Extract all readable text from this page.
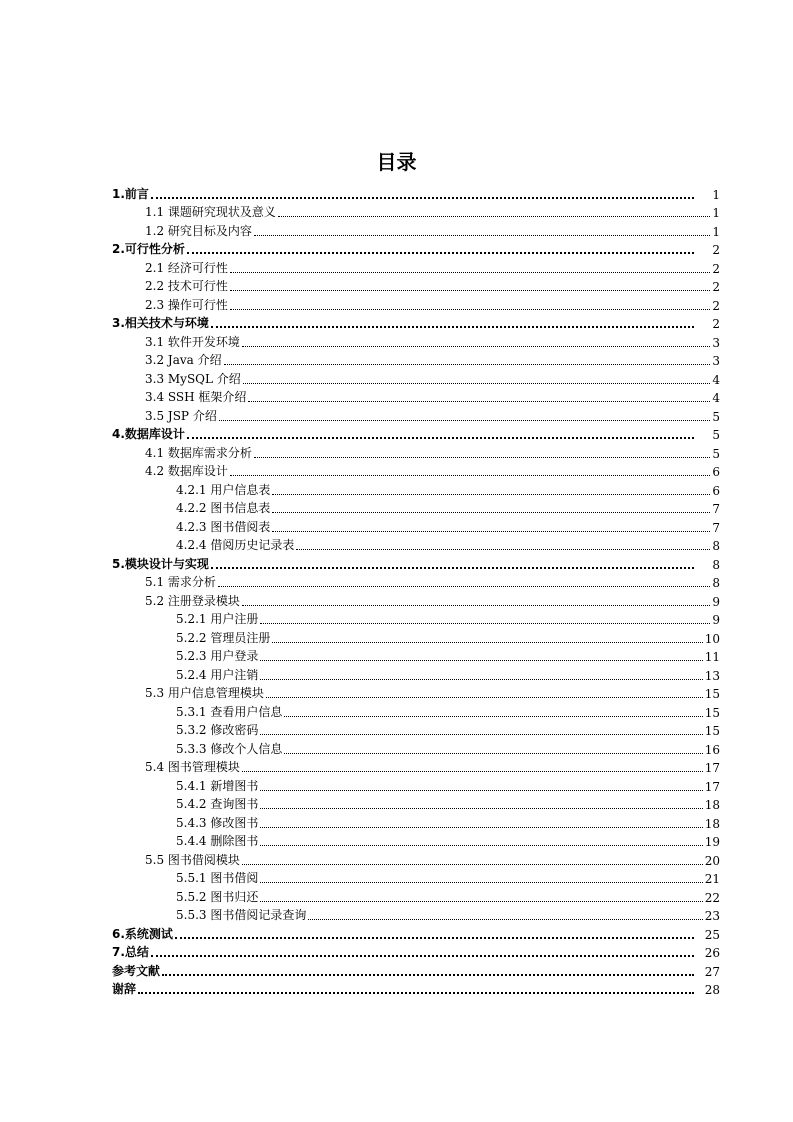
目录
1.前言	1
1.1 课题研究现状及意义	1
1.2 研究目标及内容	1
2.可行性分析	2
2.1 经济可行性	2
2.2 技术可行性	2
2.3 操作可行性	2
3.相关技术与环境	2
3.1 软件开发环境	3
3.2 Java 介绍	3
3.3 MySQL 介绍	4
3.4 SSH 框架介绍	4
3.5 JSP 介绍	5
4.数据库设计	5
4.1 数据库需求分析	5
4.2 数据库设计	6
4.2.1 用户信息表	6
4.2.2 图书信息表	7
4.2.3 图书借阅表	7
4.2.4 借阅历史记录表	8
5.模块设计与实现	8
5.1 需求分析	8
5.2 注册登录模块	9
5.2.1 用户注册	9
5.2.2 管理员注册	10
5.2.3 用户登录	11
5.2.4 用户注销	13
5.3 用户信息管理模块	15
5.3.1 查看用户信息	15
5.3.2 修改密码	15
5.3.3 修改个人信息	16
5.4 图书管理模块	17
5.4.1 新增图书	17
5.4.2 查询图书	18
5.4.3 修改图书	18
5.4.4 删除图书	19
5.5 图书借阅模块	20
5.5.1 图书借阅	21
5.5.2 图书归还	22
5.5.3 图书借阅记录查询	23
6.系统测试	25
7.总结	26
参考文献	27
谢辞	28
